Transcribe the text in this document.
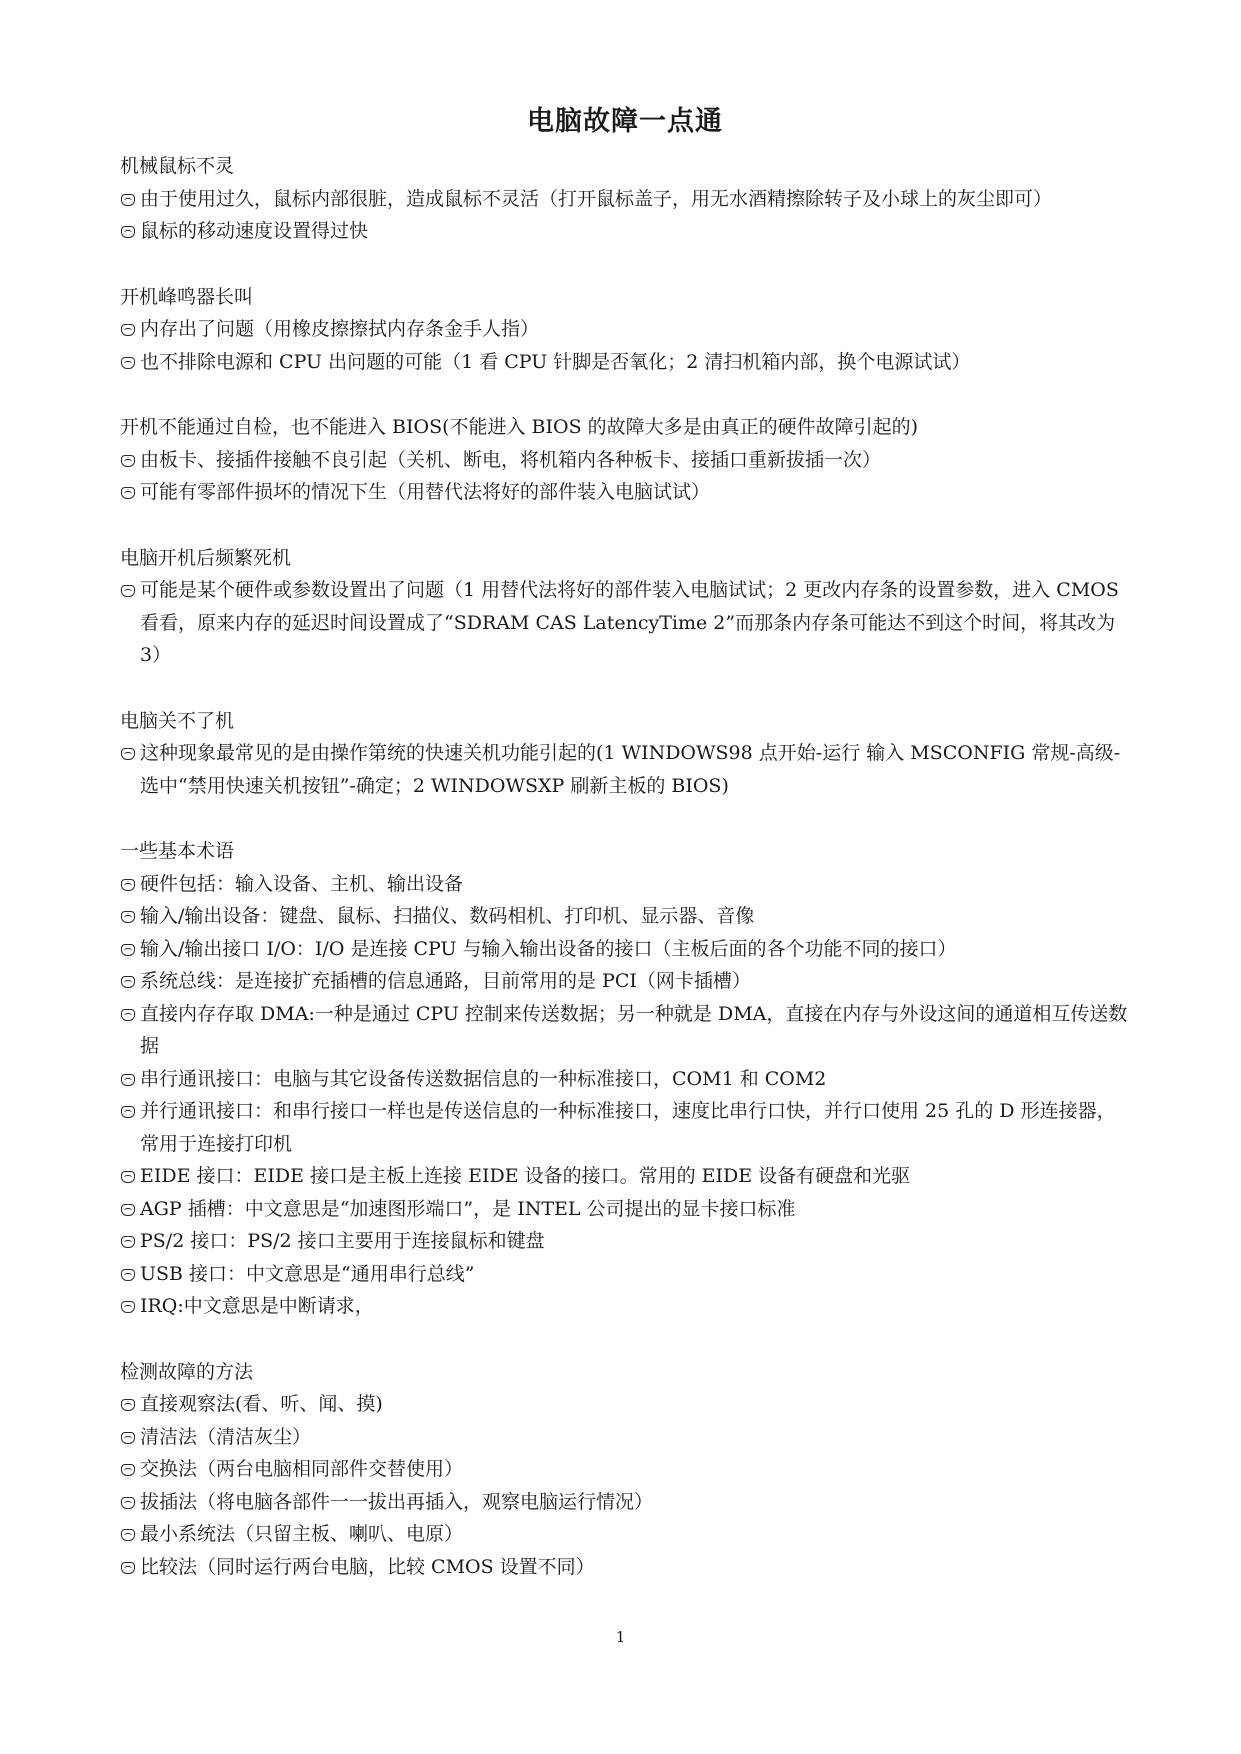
电脑故障一点通
机械鼠标不灵
由于使用过久，鼠标内部很脏，造成鼠标不灵活（打开鼠标盖子，用无水酒精擦除转子及小球上的灰尘即可）
鼠标的移动速度设置得过快
开机峰鸣器长叫
内存出了问题（用橡皮擦擦拭内存条金手人指）
也不排除电源和 CPU 出问题的可能（1 看 CPU 针脚是否氧化；2 清扫机箱内部，换个电源试试）
开机不能通过自检，也不能进入 BIOS(不能进入 BIOS 的故障大多是由真正的硬件故障引起的)
由板卡、接插件接触不良引起（关机、断电，将机箱内各种板卡、接插口重新拔插一次）
可能有零部件损坏的情况下生（用替代法将好的部件装入电脑试试）
电脑开机后频繁死机
可能是某个硬件或参数设置出了问题（1 用替代法将好的部件装入电脑试试；2 更改内存条的设置参数，进入 CMOS 看看，原来内存的延迟时间设置成了“SDRAM CAS LatencyTime 2”而那条内存条可能达不到这个时间，将其改为 3）
电脑关不了机
这种现象最常见的是由操作第统的快速关机功能引起的(1 WINDOWS98 点开始-运行 输入 MSCONFIG 常规-高级-选中“禁用快速关机按钮”-确定；2 WINDOWSXP 刷新主板的 BIOS)
一些基本术语
硬件包括：输入设备、主机、输出设备
输入/输出设备：键盘、鼠标、扫描仪、数码相机、打印机、显示器、音像
输入/输出接口 I/O：I/O 是连接 CPU 与输入输出设备的接口（主板后面的各个功能不同的接口）
系统总线：是连接扩充插槽的信息通路，目前常用的是 PCI（网卡插槽）
直接内存存取 DMA:一种是通过 CPU 控制来传送数据；另一种就是 DMA，直接在内存与外设这间的通道相互传送数据
串行通讯接口：电脑与其它设备传送数据信息的一种标准接口，COM1 和 COM2
并行通讯接口：和串行接口一样也是传送信息的一种标准接口，速度比串行口快，并行口使用 25 孔的 D 形连接器，常用于连接打印机
EIDE 接口：EIDE 接口是主板上连接 EIDE 设备的接口。常用的 EIDE 设备有硬盘和光驱
AGP 插槽：中文意思是“加速图形端口”，是 INTEL 公司提出的显卡接口标准
PS/2 接口：PS/2 接口主要用于连接鼠标和键盘
USB 接口：中文意思是“通用串行总线”
IRQ:中文意思是中断请求，
检测故障的方法
直接观察法(看、听、闻、摸)
清洁法（清洁灰尘）
交换法（两台电脑相同部件交替使用）
拔插法（将电脑各部件一一拔出再插入，观察电脑运行情况）
最小系统法（只留主板、喇叭、电原）
比较法（同时运行两台电脑，比较 CMOS 设置不同）
1
